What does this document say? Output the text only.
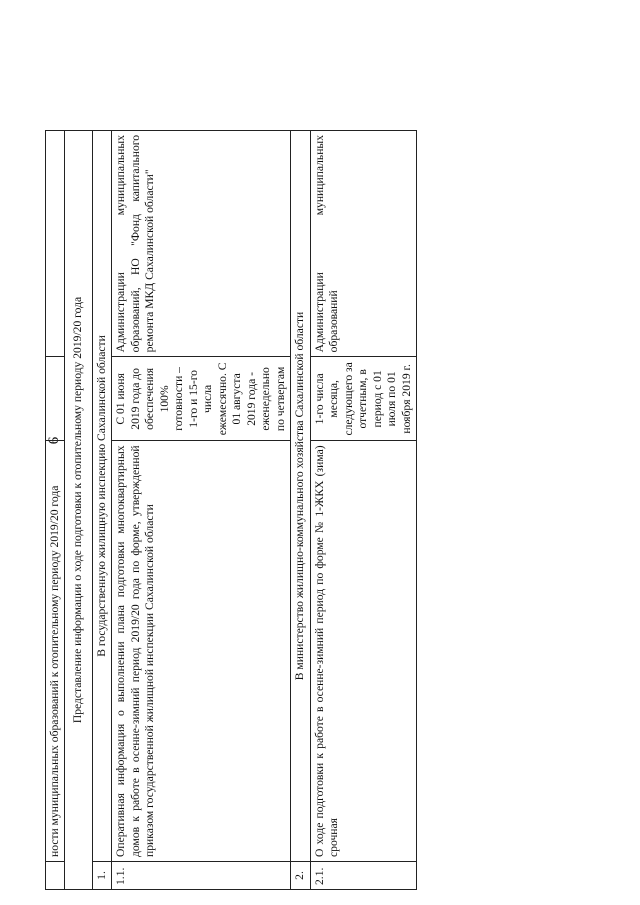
9
	ности муниципальных образований к отопительному периоду 2019/20 года		
Представление информации о ходе подготовки к отопительному периоду 2019/20 года			
1.	В государственную жилищную инспекцию Сахалинской области		
1.1.	Оперативная информация о выполнении плана подготовки многоквартирных домов к работе в осенне-зимний период 2019/20 года по форме, утвержденной приказом государственной жилищной инспекции Сахалинской области	С 01 июня 2019 года до обеспечения 100% готовности – 1-го и 15-го числа ежемесячно. С 01 августа 2019 года - еженедельно по четвергам	Администрации муниципальных образований, НО "Фонд капитального ремонта МКД Сахалинской области"
2.	В министерство жилищно-коммунального хозяйства Сахалинской области		
2.1.	О ходе подготовки к работе в осенне-зимний период по форме № 1-ЖКХ (зима) срочная	1-го числа месяца, следующего за отчетным, в период с 01 июля по 01 ноября 2019 г.	Администрации муниципальных образований
